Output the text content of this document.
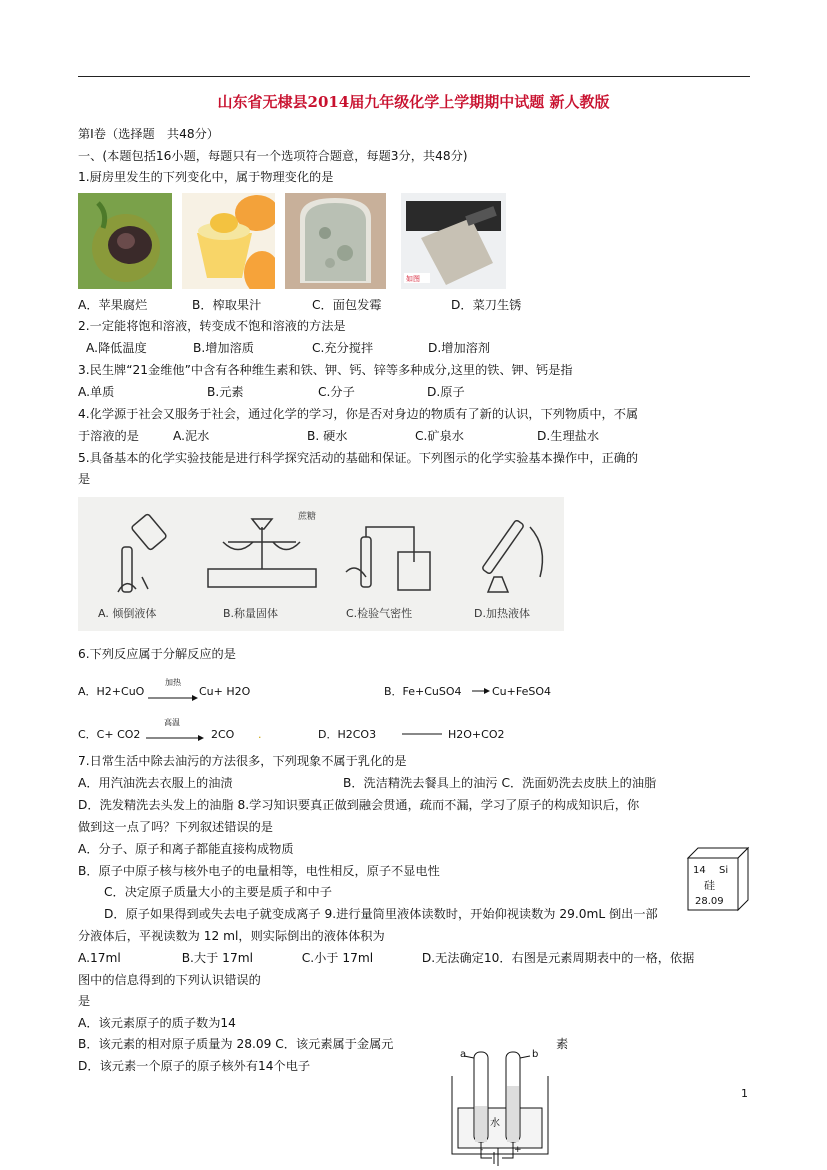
山东省无棣县2014届九年级化学上学期期中试题 新人教版
第Ⅰ卷（选择题　共48分）
一、(本题包括16小题，每题只有一个选项符合题意，每题3分，共48分)
1.厨房里发生的下列变化中，属于物理变化的是
如图
A．苹果腐烂	B．榨取果汁	C．面包发霉	D．菜刀生锈
2.一定能将饱和溶液，转变成不饱和溶液的方法是
A.降低温度	B.增加溶质	C.充分搅拌	D.增加溶剂
3.民生牌“21金维他”中含有各种维生素和铁、钾、钙、锌等多种成分,这里的铁、钾、钙是指
A.单质	B.元素	C.分子	D.原子
4.化学源于社会又服务于社会，通过化学的学习，你是否对身边的物质有了新的认识，下列物质中，不属
于溶液的是	A.泥水	B. 硬水	C.矿泉水	D.生理盐水
5.具备基本的化学实验技能是进行科学探究活动的基础和保证。下列图示的化学实验基本操作中，正确的
是
A. 倾倒液体
蔗糖
B.称量固体	C.检验气密性	D.加热液体
6.下列反应属于分解反应的是
A．H2+CuO
加热
Cu+ H2O	B．Fe+CuSO4	Cu+FeSO4
C．C+ CO2
高温
2CO .	D．H2CO3	H2O+CO2
7.日常生活中除去油污的方法很多，下列现象不属于乳化的是
A．用汽油洗去衣服上的油渍	B．洗洁精洗去餐具上的油污 C．洗面奶洗去皮肤上的油脂
D．洗发精洗去头发上的油脂 8.学习知识要真正做到融会贯通，疏而不漏，学习了原子的构成知识后，你
做到这一点了吗？下列叙述错误的是
A．分子、原子和离子都能直接构成物质
B．原子中原子核与核外电子的电量相等，电性相反，原子不显电性
C．决定原子质量大小的主要是质子和中子
D．原子如果得到或失去电子就变成离子 9.进行量筒里液体读数时，开始仰视读数为 29.0mL 倒出一部
14 Si
硅
28.09
分液体后，平视读数为 12 ml，则实际倒出的液体体积为
A.17ml　　　　　B.大于 17ml　　　　C.小于 17ml　　　　D.无法确定10．右图是元素周期表中的一格，依据
图中的信息得到的下列认识错误的
是
A．该元素原子的质子数为14
B．该元素的相对原子质量为 28.09 C．该元素属于金属元	素
D．该元素一个原子的原子核外有14个电子
a	b
水
-	+
1
